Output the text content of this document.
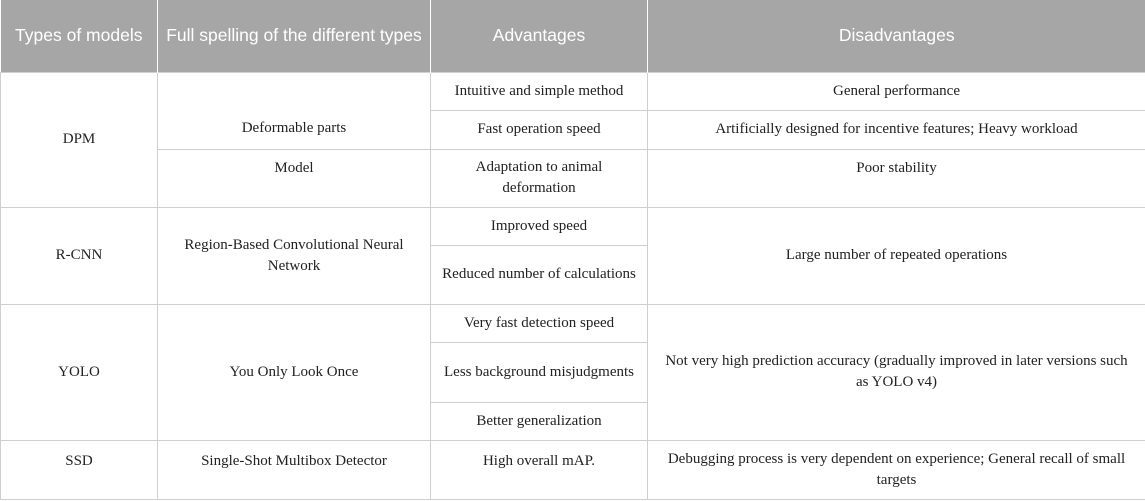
Types of models	Full spelling of the different types	Advantages	Disadvantages
DPM	Deformable parts	Intuitive and simple method	General performance
		Fast operation speed	Artificially designed for incentive features; Heavy workload
	Model	Adaptation to animal deformation	Poor stability
R-CNN	Region-Based Convolutional Neural Network	Improved speed	Large number of repeated operations
		Reduced number of calculations	
YOLO	You Only Look Once	Very fast detection speed	Not very high prediction accuracy (gradually improved in later versions such as YOLO v4)
		Less background misjudgments	
		Better generalization	
SSD	Single-Shot Multibox Detector	High overall mAP.	Debugging process is very dependent on experience; General recall of small targets
